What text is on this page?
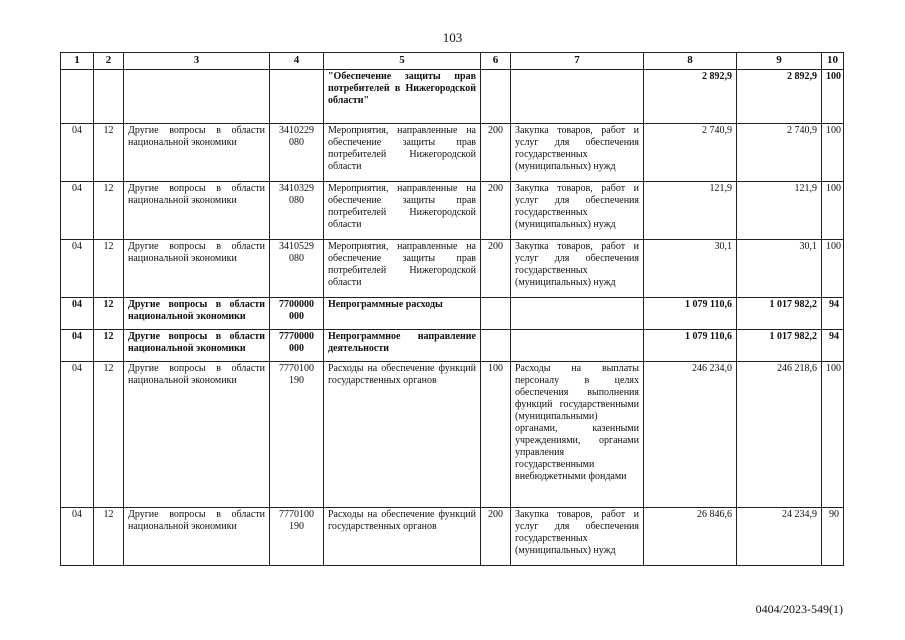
103
1	2	3	4	5	6	7	8	9	10
				"Обеспечение защиты прав потребителей в Нижегородской области"			2 892,9	2 892,9	100
04	12	Другие вопросы в области национальной экономики	3410229 080	Мероприятия, направленные на обеспечение защиты прав потребителей Нижегородской области	200	Закупка товаров, работ и услуг для обеспечения государственных (муниципальных) нужд	2 740,9	2 740,9	100
04	12	Другие вопросы в области национальной экономики	3410329 080	Мероприятия, направленные на обеспечение защиты прав потребителей Нижегородской области	200	Закупка товаров, работ и услуг для обеспечения государственных (муниципальных) нужд	121,9	121,9	100
04	12	Другие вопросы в области национальной экономики	3410529 080	Мероприятия, направленные на обеспечение защиты прав потребителей Нижегородской области	200	Закупка товаров, работ и услуг для обеспечения государственных (муниципальных) нужд	30,1	30,1	100
04	12	Другие вопросы в области национальной экономики	7700000 000	Непрограммные расходы			1 079 110,6	1 017 982,2	94
04	12	Другие вопросы в области национальной экономики	7770000 000	Непрограммное направление деятельности			1 079 110,6	1 017 982,2	94
04	12	Другие вопросы в области национальной экономики	7770100 190	Расходы на обеспечение функций государственных органов	100	Расходы на выплаты персоналу в целях обеспечения выполнения функций государственными (муниципальными) органами, казенными учреждениями, органами управления государственными внебюджетными фондами	246 234,0	246 218,6	100
04	12	Другие вопросы в области национальной экономики	7770100 190	Расходы на обеспечение функций государственных органов	200	Закупка товаров, работ и услуг для обеспечения государственных (муниципальных) нужд	26 846,6	24 234,9	90
0404/2023-549(1)
